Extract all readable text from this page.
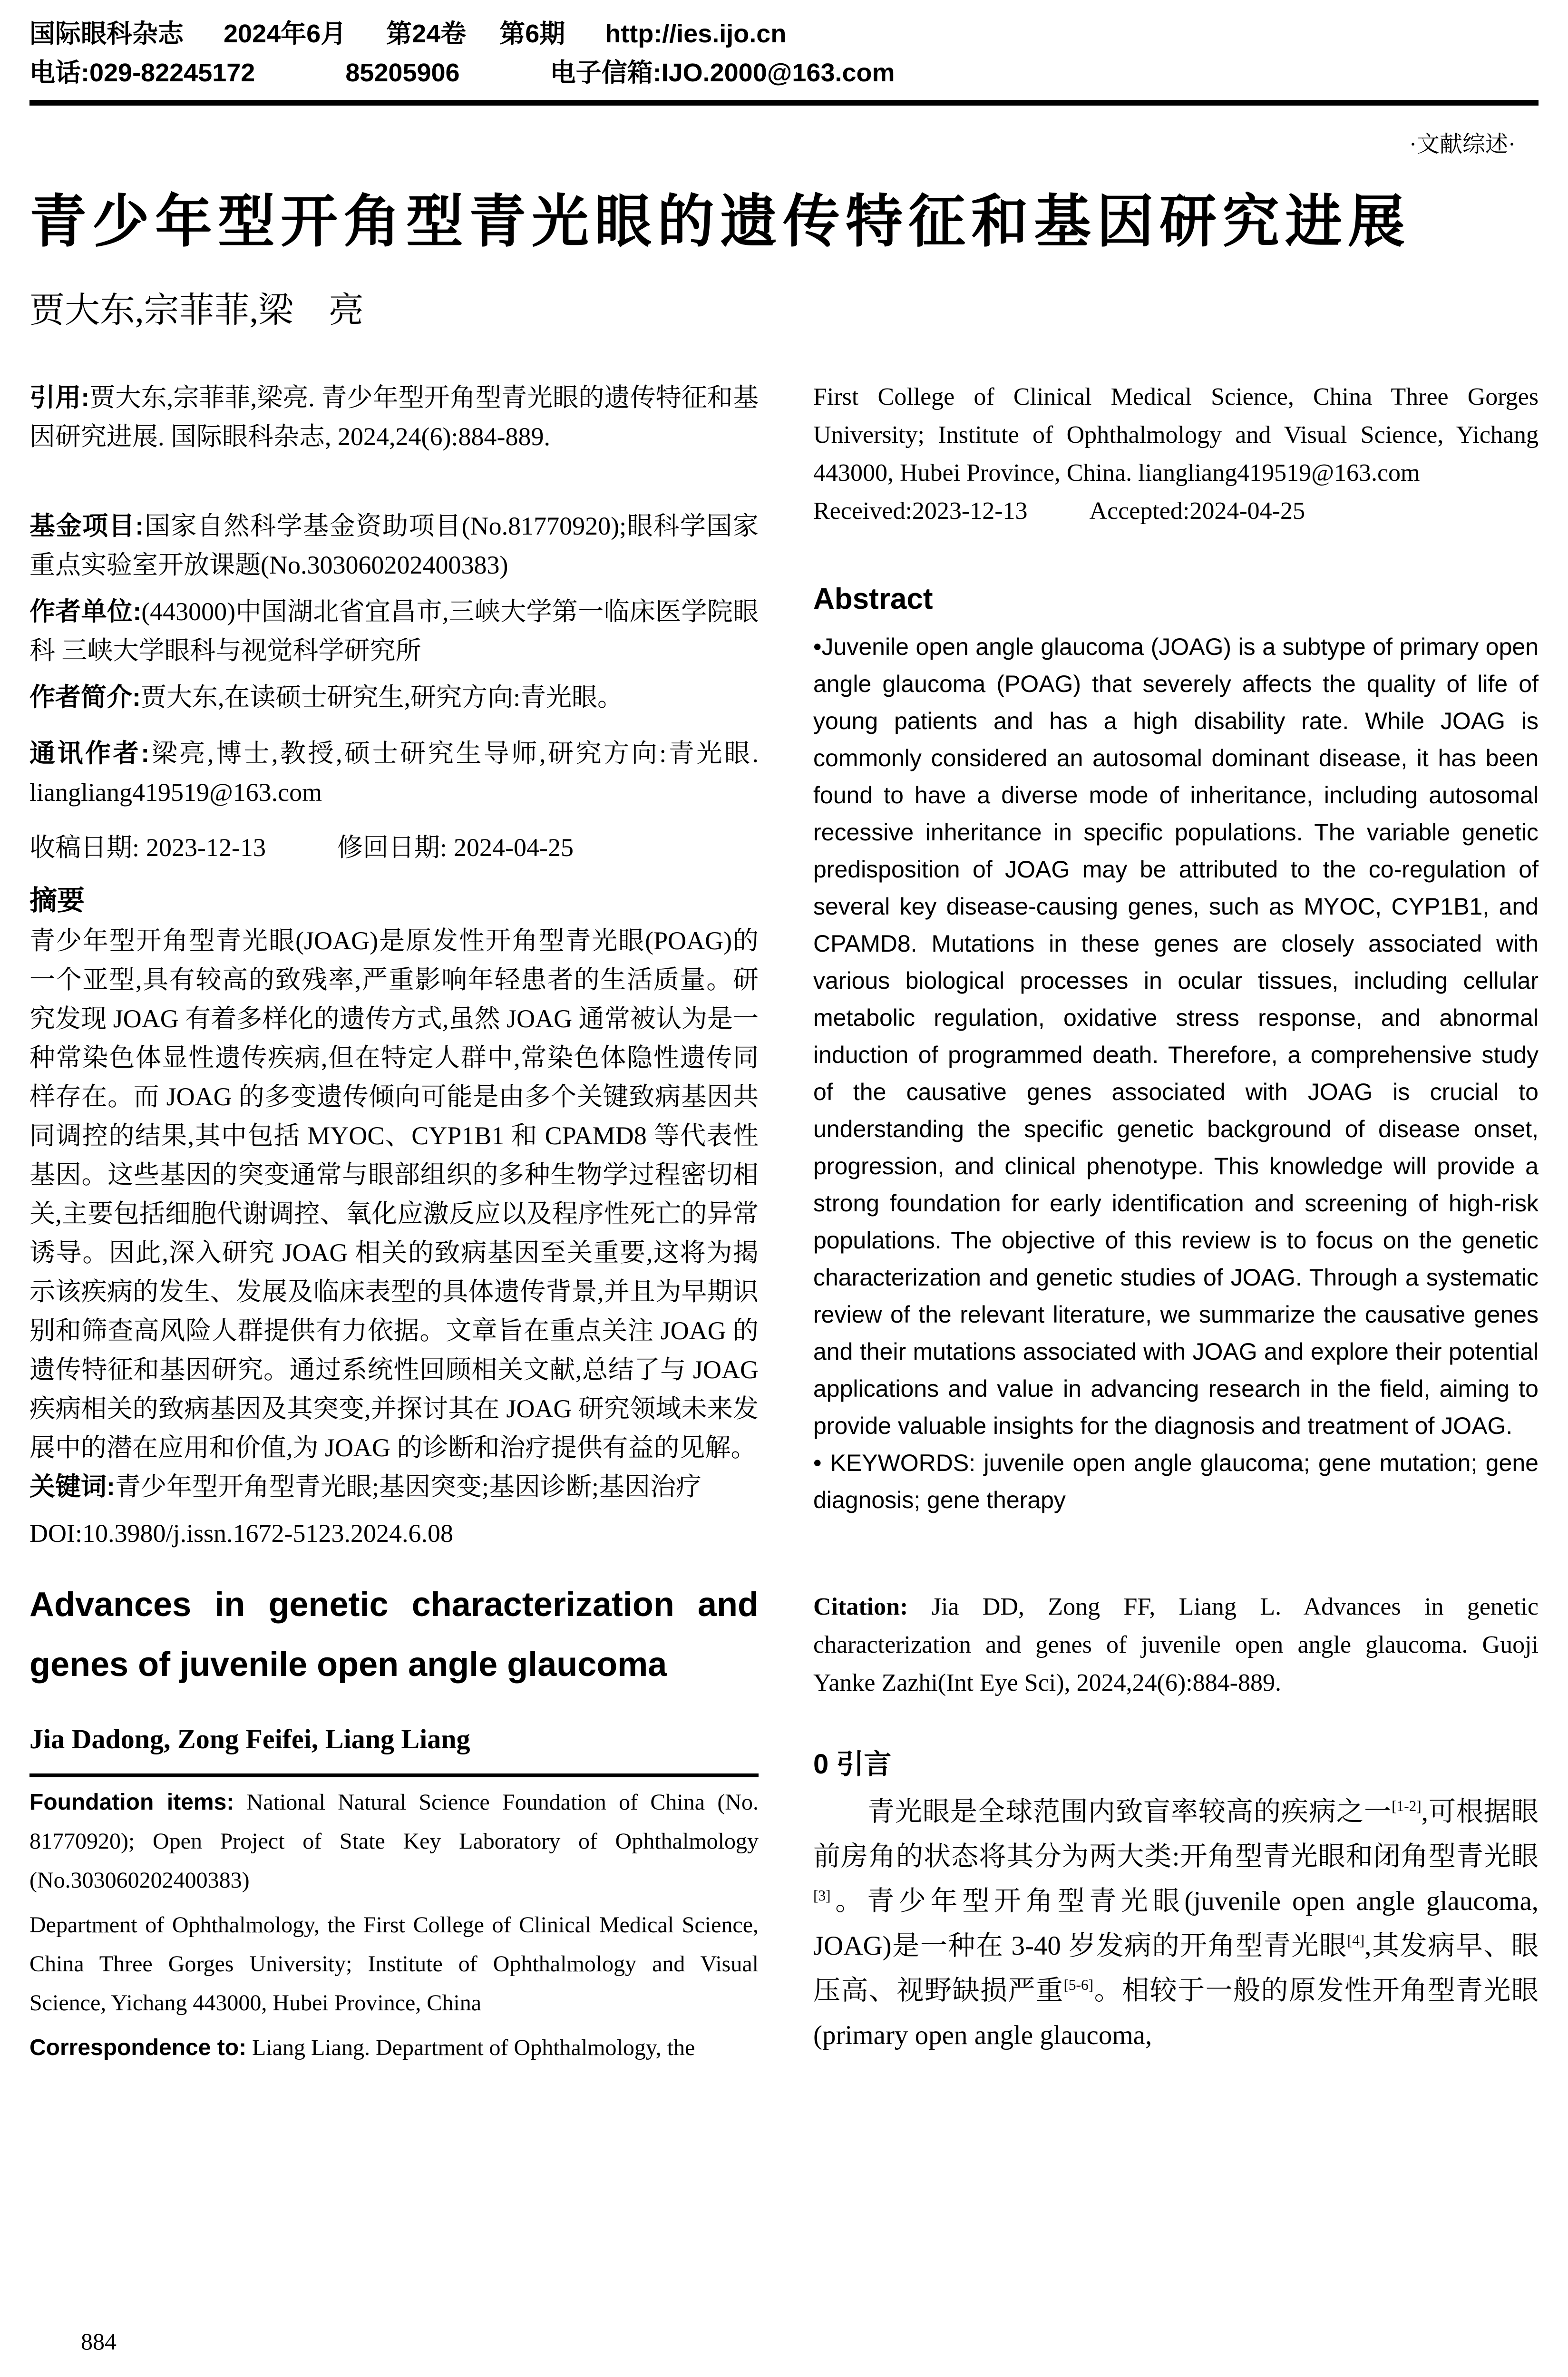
国际眼科杂志 2024年6月 第24卷 第6期 http://ies.ijo.cn
电话:029-82245172	85205906	电子信箱:IJO.2000@163.com
·文献综述·
青少年型开角型青光眼的遗传特征和基因研究进展
贾大东,宗菲菲,梁　亮

引用:贾大东,宗菲菲,梁亮. 青少年型开角型青光眼的遗传特征和基因研究进展. 国际眼科杂志, 2024,24(6):884-889.

基金项目:国家自然科学基金资助项目(No.81770920);眼科学国家重点实验室开放课题(No.303060202400383)

作者单位:(443000)中国湖北省宜昌市,三峡大学第一临床医学院眼科 三峡大学眼科与视觉科学研究所

作者简介:贾大东,在读硕士研究生,研究方向:青光眼。

通讯作者:梁亮,博士,教授,硕士研究生导师,研究方向:青光眼. liangliang419519@163.com

收稿日期: 2023-12-13	修回日期: 2024-04-25

摘要

青少年型开角型青光眼(JOAG)是原发性开角型青光眼(POAG)的一个亚型,具有较高的致残率,严重影响年轻患者的生活质量。研究发现 JOAG 有着多样化的遗传方式,虽然 JOAG 通常被认为是一种常染色体显性遗传疾病,但在特定人群中,常染色体隐性遗传同样存在。而 JOAG 的多变遗传倾向可能是由多个关键致病基因共同调控的结果,其中包括 MYOC、CYP1B1 和 CPAMD8 等代表性基因。这些基因的突变通常与眼部组织的多种生物学过程密切相关,主要包括细胞代谢调控、氧化应激反应以及程序性死亡的异常诱导。因此,深入研究 JOAG 相关的致病基因至关重要,这将为揭示该疾病的发生、发展及临床表型的具体遗传背景,并且为早期识别和筛查高风险人群提供有力依据。文章旨在重点关注 JOAG 的遗传特征和基因研究。通过系统性回顾相关文献,总结了与 JOAG 疾病相关的致病基因及其突变,并探讨其在 JOAG 研究领域未来发展中的潜在应用和价值,为 JOAG 的诊断和治疗提供有益的见解。

关键词:青少年型开角型青光眼;基因突变;基因诊断;基因治疗

DOI:10.3980/j.issn.1672-5123.2024.6.08

Advances in genetic characterization and genes of juvenile open angle glaucoma
Jia Dadong, Zong Feifei, Liang Liang

Foundation items: National Natural Science Foundation of China (No. 81770920); Open Project of State Key Laboratory of Ophthalmology (No.303060202400383)

Department of Ophthalmology, the First College of Clinical Medical Science, China Three Gorges University; Institute of Ophthalmology and Visual Science, Yichang 443000, Hubei Province, China

Correspondence to: Liang Liang. Department of Ophthalmology, the

First College of Clinical Medical Science, China Three Gorges University; Institute of Ophthalmology and Visual Science, Yichang 443000, Hubei Province, China. liangliang419519@163.com

Received:2023-12-13	Accepted:2024-04-25

Abstract

•Juvenile open angle glaucoma (JOAG) is a subtype of primary open angle glaucoma (POAG) that severely affects the quality of life of young patients and has a high disability rate. While JOAG is commonly considered an autosomal dominant disease, it has been found to have a diverse mode of inheritance, including autosomal recessive inheritance in specific populations. The variable genetic predisposition of JOAG may be attributed to the co-regulation of several key disease-causing genes, such as MYOC, CYP1B1, and CPAMD8. Mutations in these genes are closely associated with various biological processes in ocular tissues, including cellular metabolic regulation, oxidative stress response, and abnormal induction of programmed death. Therefore, a comprehensive study of the causative genes associated with JOAG is crucial to understanding the specific genetic background of disease onset, progression, and clinical phenotype. This knowledge will provide a strong foundation for early identification and screening of high-risk populations. The objective of this review is to focus on the genetic characterization and genetic studies of JOAG. Through a systematic review of the relevant literature, we summarize the causative genes and their mutations associated with JOAG and explore their potential applications and value in advancing research in the field, aiming to provide valuable insights for the diagnosis and treatment of JOAG.

• KEYWORDS: juvenile open angle glaucoma; gene mutation; gene diagnosis; gene therapy

Citation: Jia DD, Zong FF, Liang L. Advances in genetic characterization and genes of juvenile open angle glaucoma. Guoji Yanke Zazhi(Int Eye Sci), 2024,24(6):884-889.

0 引言

青光眼是全球范围内致盲率较高的疾病之一[1-2],可根据眼前房角的状态将其分为两大类:开角型青光眼和闭角型青光眼[3]。青少年型开角型青光眼(juvenile open angle glaucoma, JOAG)是一种在 3-40 岁发病的开角型青光眼[4],其发病早、眼压高、视野缺损严重[5-6]。相较于一般的原发性开角型青光眼(primary open angle glaucoma,

884
